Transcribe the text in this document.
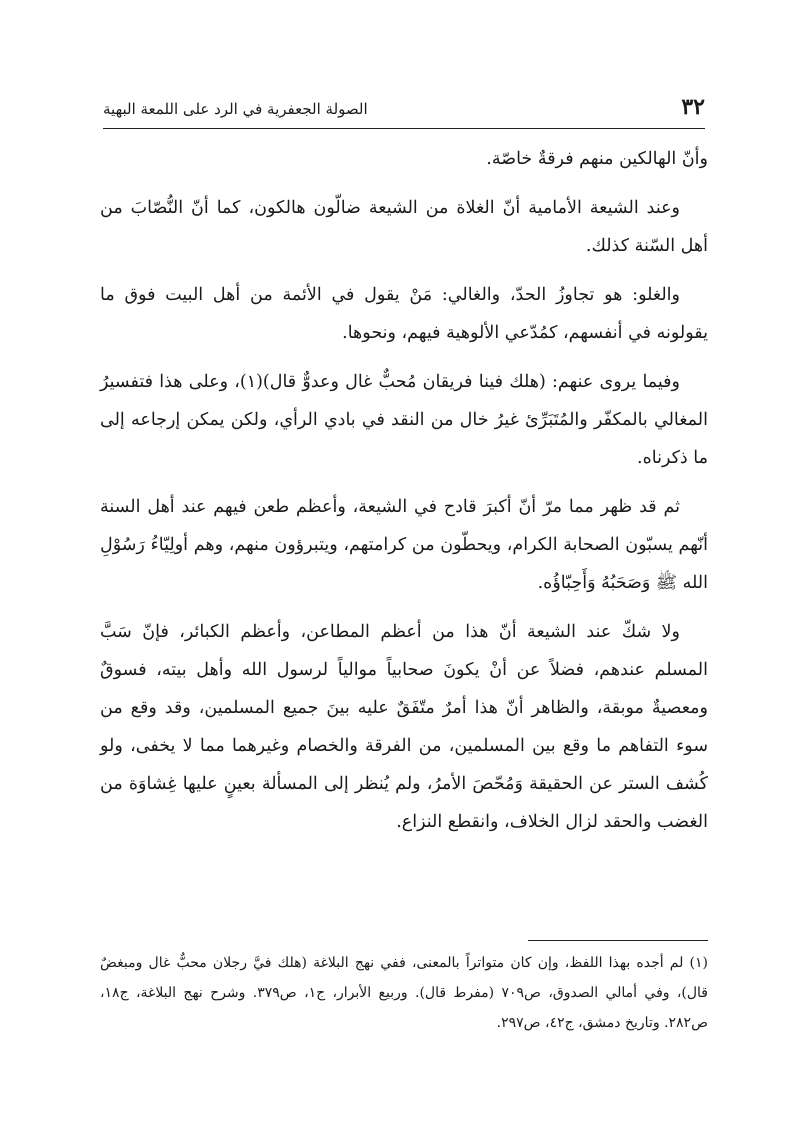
٣٢
الصولة الجعفرية في الرد على اللمعة البهية

وأنّ الهالكين منهم فرقةٌ خاصّة.

وعند الشيعة الأمامية أنّ الغلاة من الشيعة ضالّون هالكون، كما أنّ النُّصّابَ من أهل السّنة كذلك.

والغلو: هو تجاوزُ الحدّ، والغالي: مَنْ يقول في الأئمة من أهل البيت فوق ما يقولونه في أنفسهم، كمُدّعي الألوهية فيهم، ونحوها.

وفيما يروى عنهم: (هلك فينا فريقان مُحبٌّ غال وعدوٌّ قال)(١)، وعلى هذا فتفسيرُ المغالي بالمكفّر والمُتَبَرِّئ غيرُ خال من النقد في بادي الرأي، ولكن يمكن إرجاعه إلى ما ذكرناه.

ثم قد ظهر مما مرّ أنّ أكبرَ قادح في الشيعة، وأعظم طعن فيهم عند أهل السنة أنّهم يسبّون الصحابة الكرام، ويحطّون من كرامتهم، ويتبرؤون منهم، وهم أولِيّاءُ رَسُوْلِ الله ﷺ وَصَحَبُهُ وَأَحِبّاؤُه.

ولا شكّ عند الشيعة أنّ هذا من أعظم المطاعن، وأعظم الكبائر، فإنّ سَبَّ المسلم عندهم، فضلاً عن أنْ يكونَ صحابياً موالياً لرسول الله وأهل بيته، فسوقٌ ومعصيةٌ موبقة، والظاهر أنّ هذا أمرٌ متّفَقٌ عليه بينَ جميع المسلمين، وقد وقع من سوء التفاهم ما وقع بين المسلمين، من الفرقة والخصام وغيرهما مما لا يخفى، ولو كُشف الستر عن الحقيقة وَمُحّصَ الأمرُ، ولم يُنظر إلى المسألة بعينٍ عليها غِشاوَة من الغضب والحقد لزال الخلاف، وانقطع النزاع.

(١) لم أجده بهذا اللفظ، وإن كان متواتراً بالمعنى، ففي نهج البلاغة (هلك فيَّ رجلان محبٌّ غال ومبغضٌ قال)، وفي أمالي الصدوق، ص٧٠٩ (مفرط قال). وربيع الأبرار، ج١، ص٣٧٩. وشرح نهج البلاغة، ج١٨، ص٢٨٢. وتاريخ دمشق، ج٤٢، ص٢٩٧.
